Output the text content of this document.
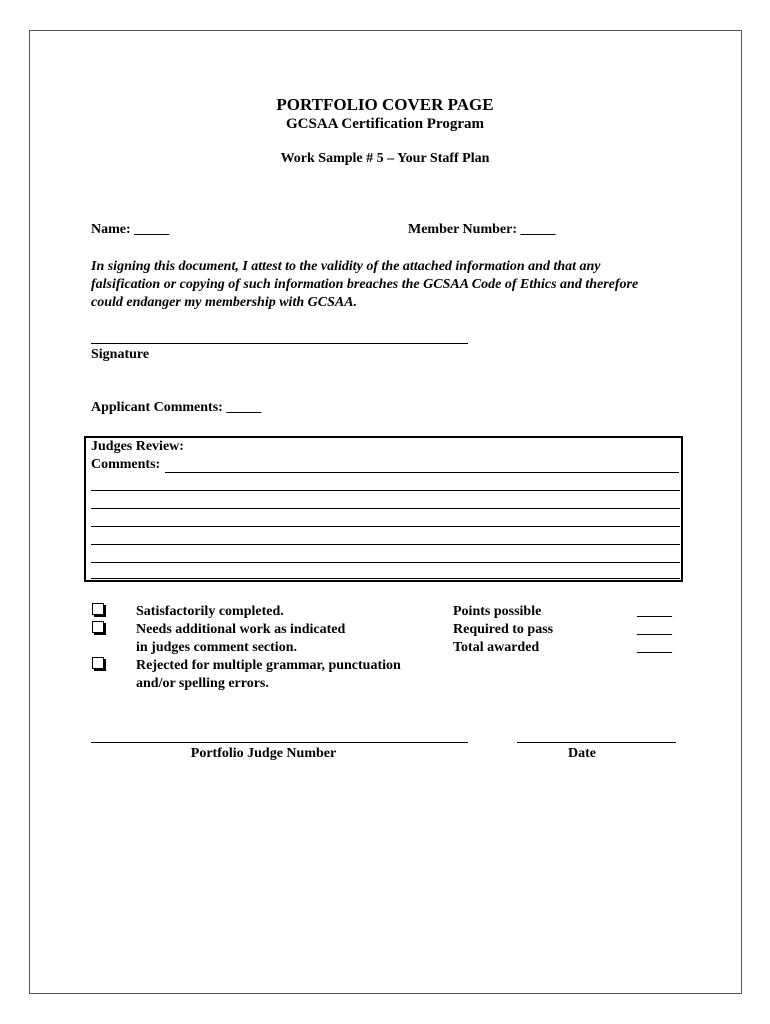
PORTFOLIO COVER PAGE
GCSAA Certification Program
Work Sample # 5 – Your Staff Plan
Name: _____	Member Number: _____
In signing this document, I attest to the validity of the attached information and that any falsification or copying of such information breaches the GCSAA Code of Ethics and therefore could endanger my membership with GCSAA.
Signature
Applicant Comments: _____
Judges Review:
Comments:
Satisfactorily completed.
Needs additional work as indicated
in judges comment section.
Rejected for multiple grammar, punctuation
and/or spelling errors.
Points possible
Required to pass
Total awarded
_____
_____
_____
Portfolio Judge Number	Date
